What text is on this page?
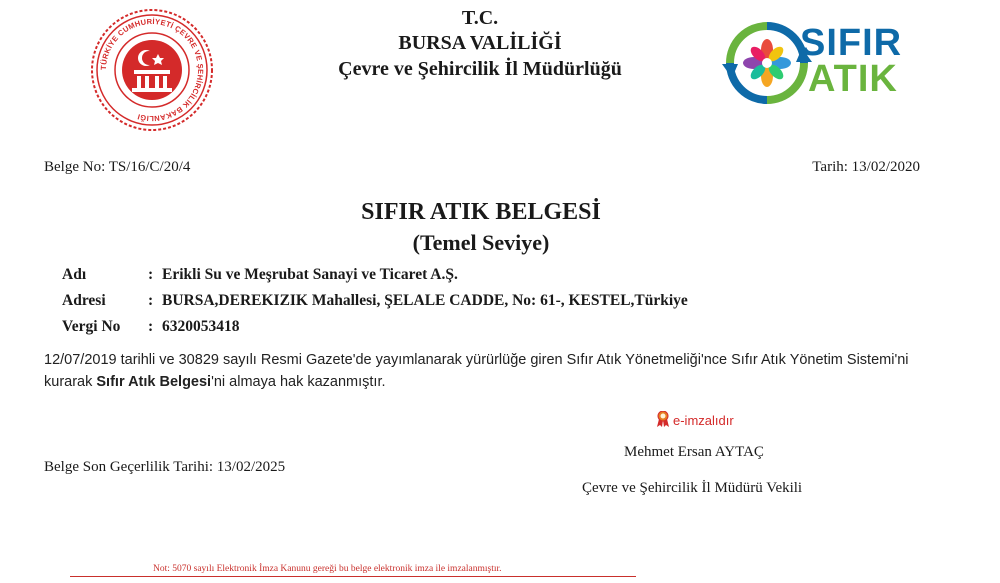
TÜRKİYE CUMHURİYETİ ÇEVRE VE ŞEHİRCİLİK BAKANLIĞI
T.C.
BURSA VALİLİĞİ
Çevre ve Şehircilik İl Müdürlüğü
SIFIR
ATIK
Belge No: TS/16/C/20/4	Tarih: 13/02/2020
SIFIR ATIK BELGESİ
(Temel Seviye)
Adı	: Erikli Su ve Meşrubat Sanayi ve Ticaret A.Ş.
Adresi	: BURSA,DEREKIZIK Mahallesi, ŞELALE CADDE, No: 61-, KESTEL,Türkiye
Vergi No : 6320053418
12/07/2019 tarihli ve 30829 sayılı Resmi Gazete'de yayımlanarak yürürlüğe giren Sıfır Atık Yönetmeliği'nce Sıfır Atık Yönetim Sistemi'ni kurarak Sıfır Atık Belgesi'ni almaya hak kazanmıştır.
e-imzalıdır
Mehmet Ersan AYTAÇ
Çevre ve Şehircilik İl Müdürü Vekili
Belge Son Geçerlilik Tarihi: 13/02/2025
Not: 5070 sayılı Elektronik İmza Kanunu gereği bu belge elektronik imza ile imzalanmıştır.
